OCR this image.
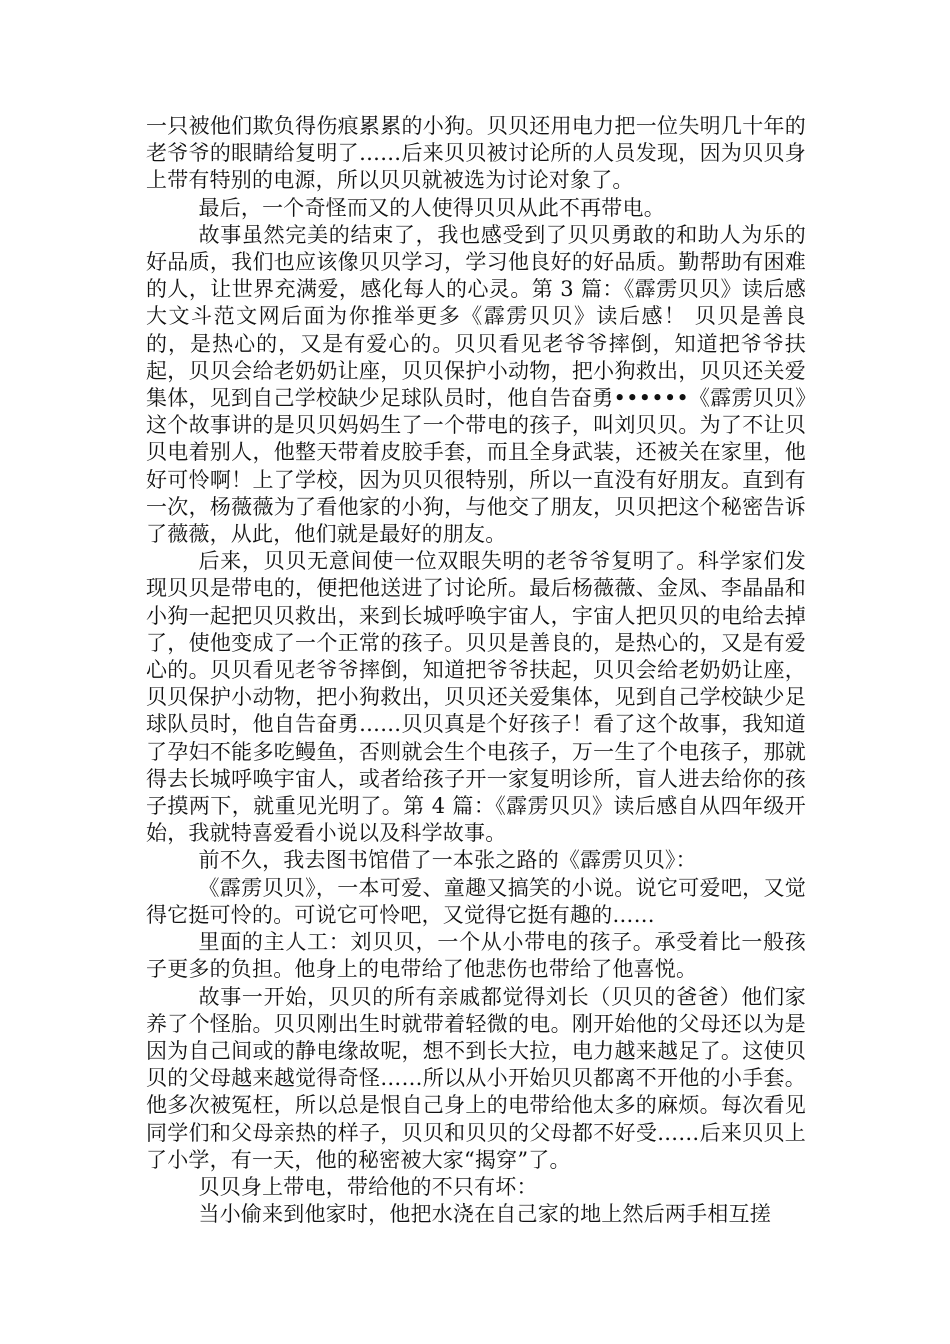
一只被他们欺负得伤痕累累的小狗。贝贝还用电力把一位失明几十年的老爷爷的眼睛给复明了……后来贝贝被讨论所的人员发现，因为贝贝身上带有特别的电源，所以贝贝就被选为讨论对象了。

最后，一个奇怪而又的人使得贝贝从此不再带电。

故事虽然完美的结束了，我也感受到了贝贝勇敢的和助人为乐的好品质，我们也应该像贝贝学习，学习他良好的好品质。勤帮助有困难的人，让世界充满爱，感化每人的心灵。第 3 篇：《霹雳贝贝》读后感大文斗范文网后面为你推举更多《霹雳贝贝》读后感！ 贝贝是善良的，是热心的，又是有爱心的。贝贝看见老爷爷摔倒，知道把爷爷扶起，贝贝会给老奶奶让座，贝贝保护小动物，把小狗救出，贝贝还关爱集体，见到自己学校缺少足球队员时，他自告奋勇••••••《霹雳贝贝》这个故事讲的是贝贝妈妈生了一个带电的孩子，叫刘贝贝。为了不让贝贝电着别人，他整天带着皮胶手套，而且全身武装，还被关在家里，他好可怜啊！上了学校，因为贝贝很特别，所以一直没有好朋友。直到有一次，杨薇薇为了看他家的小狗，与他交了朋友，贝贝把这个秘密告诉了薇薇，从此，他们就是最好的朋友。

后来，贝贝无意间使一位双眼失明的老爷爷复明了。科学家们发现贝贝是带电的，便把他送进了讨论所。最后杨薇薇、金凤、李晶晶和小狗一起把贝贝救出，来到长城呼唤宇宙人，宇宙人把贝贝的电给去掉了，使他变成了一个正常的孩子。贝贝是善良的，是热心的，又是有爱心的。贝贝看见老爷爷摔倒，知道把爷爷扶起，贝贝会给老奶奶让座，贝贝保护小动物，把小狗救出，贝贝还关爱集体，见到自己学校缺少足球队员时，他自告奋勇……贝贝真是个好孩子！看了这个故事，我知道了孕妇不能多吃鳗鱼，否则就会生个电孩子，万一生了个电孩子，那就得去长城呼唤宇宙人，或者给孩子开一家复明诊所，盲人进去给你的孩子摸两下，就重见光明了。第 4 篇：《霹雳贝贝》读后感自从四年级开始，我就特喜爱看小说以及科学故事。

前不久，我去图书馆借了一本张之路的《霹雳贝贝》：

《霹雳贝贝》，一本可爱、童趣又搞笑的小说。说它可爱吧，又觉得它挺可怜的。可说它可怜吧，又觉得它挺有趣的……

里面的主人工：刘贝贝，一个从小带电的孩子。承受着比一般孩子更多的负担。他身上的电带给了他悲伤也带给了他喜悦。

故事一开始，贝贝的所有亲戚都觉得刘长（贝贝的爸爸）他们家养了个怪胎。贝贝刚出生时就带着轻微的电。刚开始他的父母还以为是因为自己间或的静电缘故呢，想不到长大拉，电力越来越足了。这使贝贝的父母越来越觉得奇怪……所以从小开始贝贝都离不开他的小手套。他多次被冤枉，所以总是恨自己身上的电带给他太多的麻烦。每次看见同学们和父母亲热的样子，贝贝和贝贝的父母都不好受……后来贝贝上了小学，有一天，他的秘密被大家“揭穿”了。

贝贝身上带电，带给他的不只有坏：

当小偷来到他家时，他把水浇在自己家的地上然后两手相互搓
